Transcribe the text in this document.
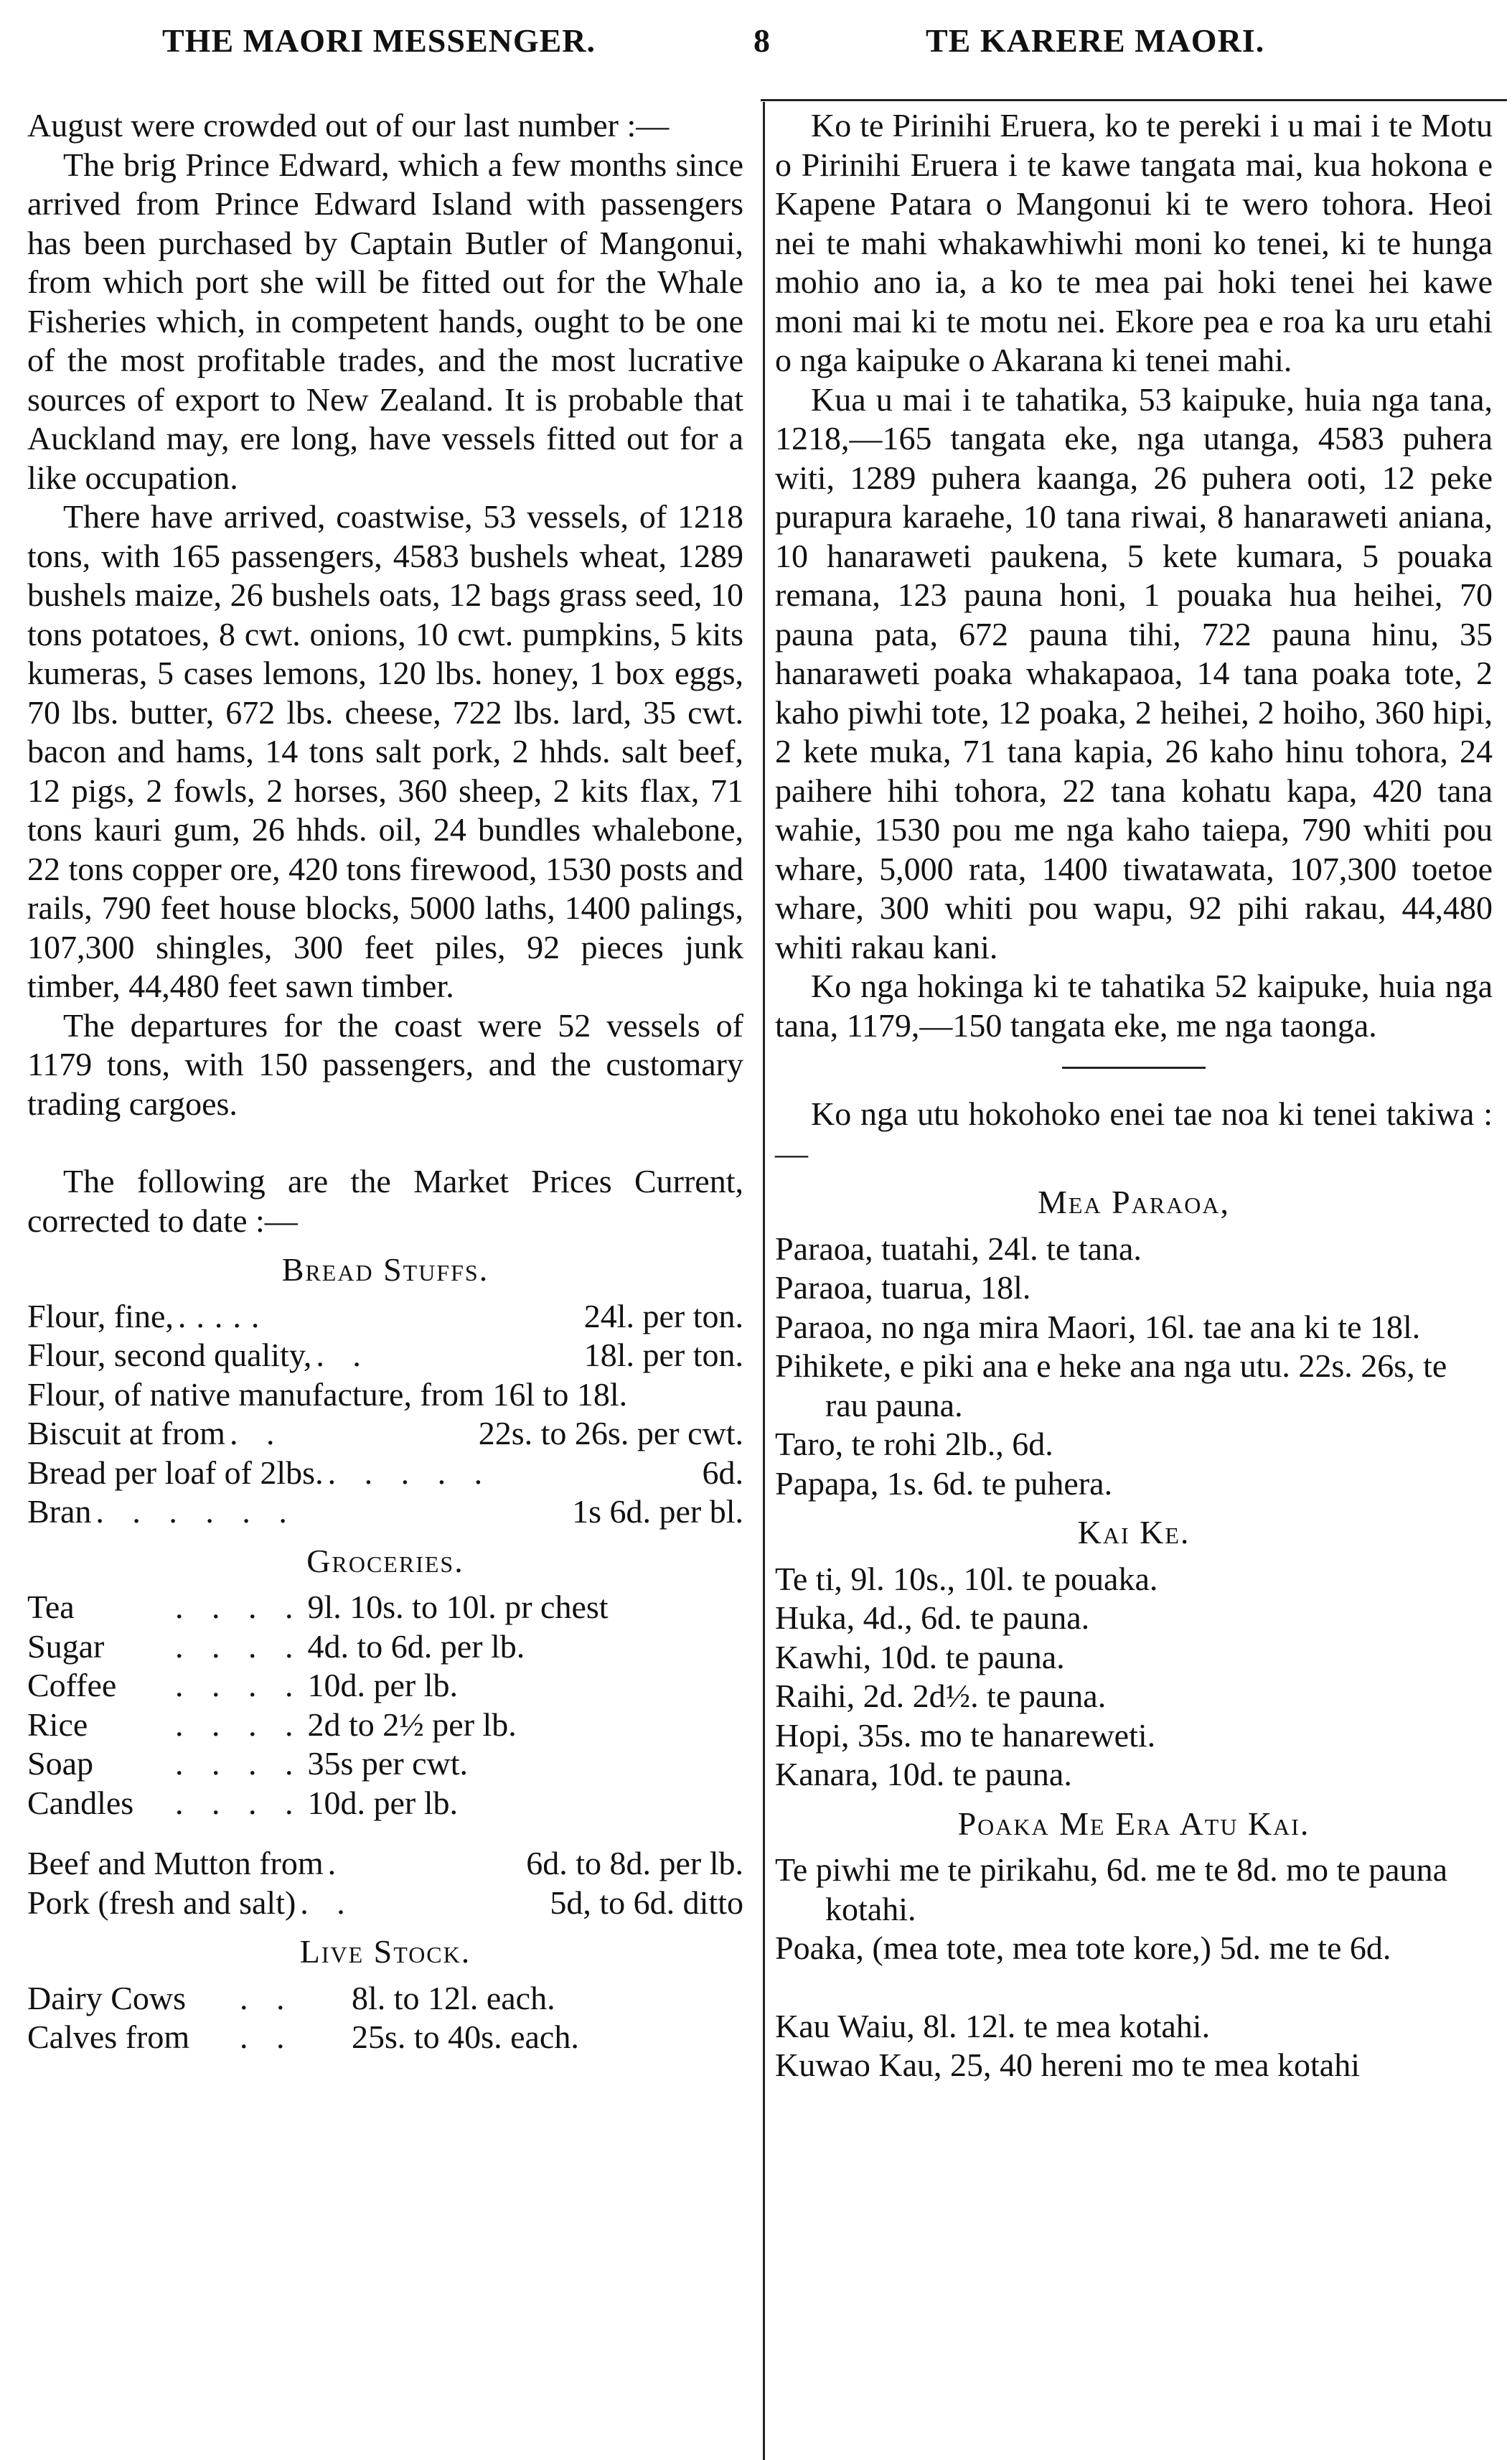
THE MAORI MESSENGER.	8	TE KARERE MAORI.

August were crowded out of our last number :—

The brig Prince Edward, which a few months since arrived from Prince Edward Island with passengers has been purchased by Captain Butler of Mangonui, from which port she will be fitted out for the Whale Fisheries which, in competent hands, ought to be one of the most profitable trades, and the most lucrative sources of export to New Zealand. It is probable that Auckland may, ere long, have vessels fitted out for a like occupation.

There have arrived, coastwise, 53 vessels, of 1218 tons, with 165 passengers, 4583 bushels wheat, 1289 bushels maize, 26 bushels oats, 12 bags grass seed, 10 tons potatoes, 8 cwt. onions, 10 cwt. pumpkins, 5 kits kumeras, 5 cases lemons, 120 lbs. honey, 1 box eggs, 70 lbs. butter, 672 lbs. cheese, 722 lbs. lard, 35 cwt. bacon and hams, 14 tons salt pork, 2 hhds. salt beef, 12 pigs, 2 fowls, 2 horses, 360 sheep, 2 kits flax, 71 tons kauri gum, 26 hhds. oil, 24 bundles whalebone, 22 tons copper ore, 420 tons firewood, 1530 posts and rails, 790 feet house blocks, 5000 laths, 1400 palings, 107,300 shingles, 300 feet piles, 92 pieces junk timber, 44,480 feet sawn timber.

The departures for the coast were 52 vessels of 1179 tons, with 150 passengers, and the customary trading cargoes.

The following are the Market Prices Current, corrected to date :—

Bread Stuffs.
Flour, fine, .....	24l. per ton.
Flour, second quality, . .	18l. per ton.
Flour, of native manufacture, from 16l to 18l.
Biscuit at from . .	22s. to 26s. per cwt.
Bread per loaf of 2lbs. . . . . .	6d.
Bran . . . . . .	1s 6d. per bl.
Groceries.
Tea	. . . . 9l. 10s. to 10l. pr chest
Sugar	. . . . 4d. to 6d. per lb.
Coffee	. . . . 10d. per lb.
Rice	. . . . 2d to 2½ per lb.
Soap	. . . . 35s per cwt.
Candles	. . . . 10d. per lb.
Beef and Mutton from .	6d. to 8d. per lb.
Pork (fresh and salt) . .	5d, to 6d. ditto
Live Stock.
Dairy Cows	. .	8l. to 12l. each.
Calves from	. .	25s. to 40s. each.

Ko te Pirinihi Eruera, ko te pereki i u mai i te Motu o Pirinihi Eruera i te kawe tangata mai, kua hokona e Kapene Patara o Mangonui ki te wero tohora. Heoi nei te mahi whakawhiwhi moni ko tenei, ki te hunga mohio ano ia, a ko te mea pai hoki tenei hei kawe moni mai ki te motu nei. Ekore pea e roa ka uru etahi o nga kaipuke o Akarana ki tenei mahi.

Kua u mai i te tahatika, 53 kaipuke, huia nga tana, 1218,—165 tangata eke, nga utanga, 4583 puhera witi, 1289 puhera kaanga, 26 puhera ooti, 12 peke purapura karaehe, 10 tana riwai, 8 hanaraweti aniana, 10 hanaraweti paukena, 5 kete kumara, 5 pouaka remana, 123 pauna honi, 1 pouaka hua heihei, 70 pauna pata, 672 pauna tihi, 722 pauna hinu, 35 hanaraweti poaka whakapaoa, 14 tana poaka tote, 2 kaho piwhi tote, 12 poaka, 2 heihei, 2 hoiho, 360 hipi, 2 kete muka, 71 tana kapia, 26 kaho hinu tohora, 24 paihere hihi tohora, 22 tana kohatu kapa, 420 tana wahie, 1530 pou me nga kaho taiepa, 790 whiti pou whare, 5,000 rata, 1400 tiwatawata, 107,300 toetoe whare, 300 whiti pou wapu, 92 pihi rakau, 44,480 whiti rakau kani.

Ko nga hokinga ki te tahatika 52 kaipuke, huia nga tana, 1179,—150 tangata eke, me nga taonga.

Ko nga utu hokohoko enei tae noa ki tenei takiwa :—

Mea Paraoa,

Paraoa, tuatahi, 24l. te tana.

Paraoa, tuarua, 18l.

Paraoa, no nga mira Maori, 16l. tae ana ki te 18l.

Pihikete, e piki ana e heke ana nga utu. 22s. 26s, te rau pauna.

Taro, te rohi 2lb., 6d.

Papapa, 1s. 6d. te puhera.

Kai Ke.

Te ti, 9l. 10s., 10l. te pouaka.

Huka, 4d., 6d. te pauna.

Kawhi, 10d. te pauna.

Raihi, 2d. 2d½. te pauna.

Hopi, 35s. mo te hanareweti.

Kanara, 10d. te pauna.

Poaka Me Era Atu Kai.

Te piwhi me te pirikahu, 6d. me te 8d. mo te pauna kotahi.

Poaka, (mea tote, mea tote kore,) 5d. me te 6d.

Kau Waiu, 8l. 12l. te mea kotahi.

Kuwao Kau, 25, 40 hereni mo te mea kotahi
